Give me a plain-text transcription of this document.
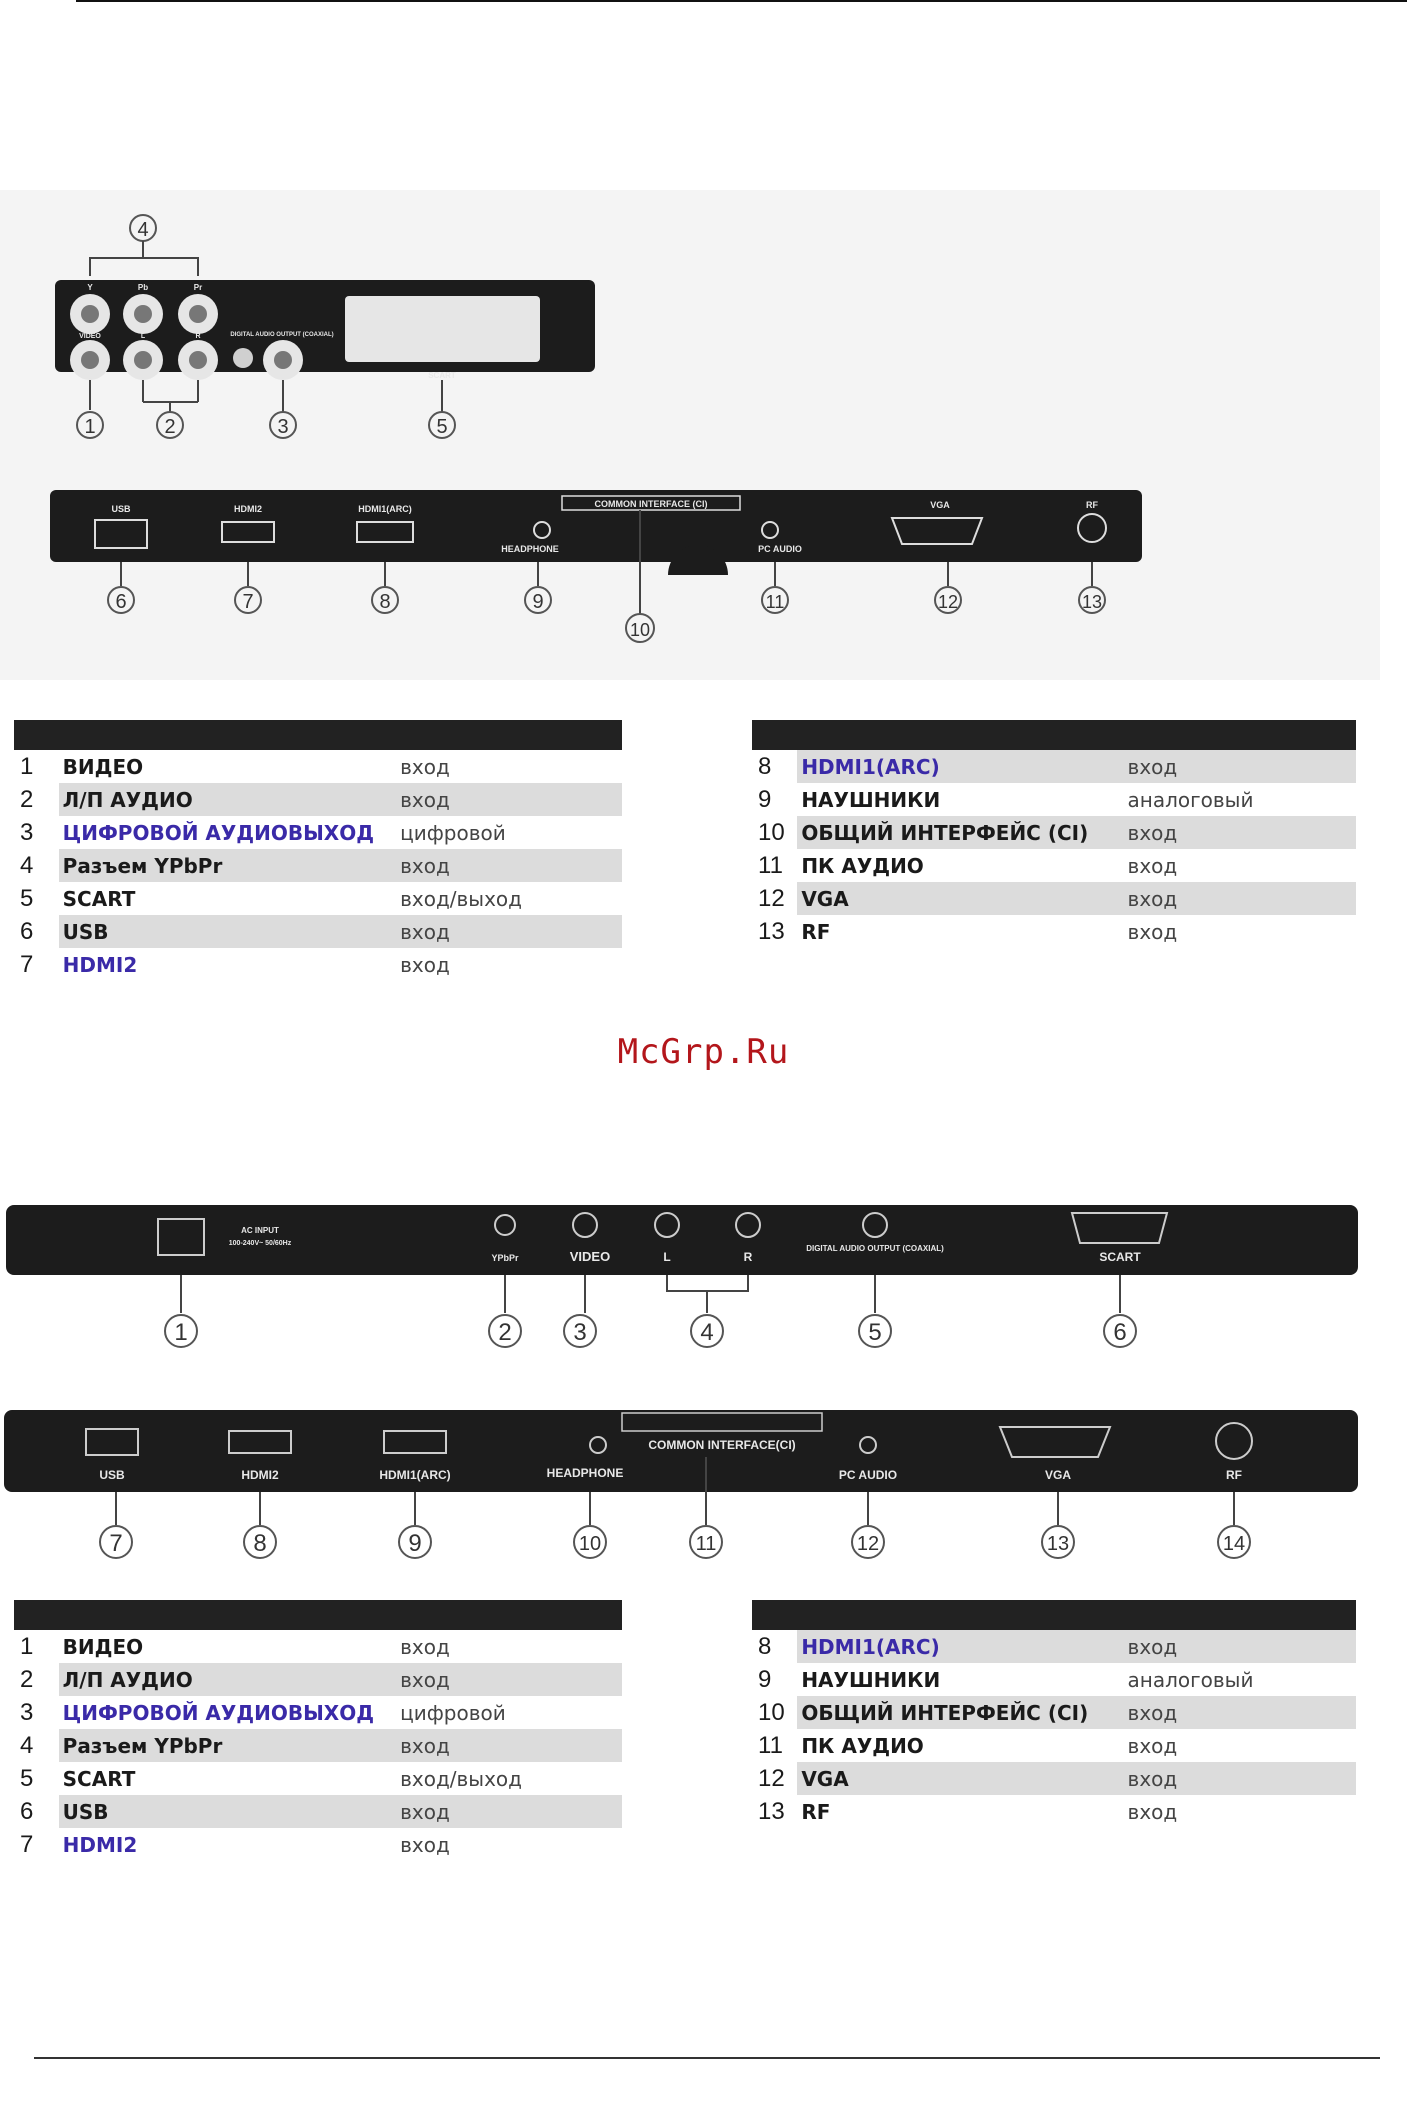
4
Y	Pb	Pr
VIDEO	L	R	DIGITAL AUDIO OUTPUT (COAXIAL)
SCART
1	2	3	5
USB	HDMI2	HDMI1(ARC)
HEADPHONE
COMMON INTERFACE (CI)
PC AUDIO
VGA	RF
6	7	8	9
10
11	12	13

1	ВИДЕО	вход
2	Л/П АУДИО	вход
3	ЦИФРОВОЙ АУДИОВЫХОД	цифровой
4	Разъем YPbPr	вход
5	SCART	вход/выход
6	USB	вход
7	HDMI2	вход

8	HDMI1(ARC)	вход
9	НАУШНИКИ	аналоговый
10	ОБЩИЙ ИНТЕРФЕЙС (CI)	вход
11	ПК АУДИО	вход
12	VGA	вход
13	RF	вход
McGrp.Ru
AC INPUT
100-240V~ 50/60Hz
YPbPr	VIDEO	L	R
DIGITAL AUDIO OUTPUT (COAXIAL)
SCART
1	2	3	4	5	6
USB	HDMI2	HDMI1(ARC)	HEADPHONE
COMMON INTERFACE(CI)
PC AUDIO	VGA	RF
7	8	9	10	11	12	13	14

1	ВИДЕО	вход
2	Л/П АУДИО	вход
3	ЦИФРОВОЙ АУДИОВЫХОД	цифровой
4	Разъем YPbPr	вход
5	SCART	вход/выход
6	USB	вход
7	HDMI2	вход

8	HDMI1(ARC)	вход
9	НАУШНИКИ	аналоговый
10	ОБЩИЙ ИНТЕРФЕЙС (CI)	вход
11	ПК АУДИО	вход
12	VGA	вход
13	RF	вход
